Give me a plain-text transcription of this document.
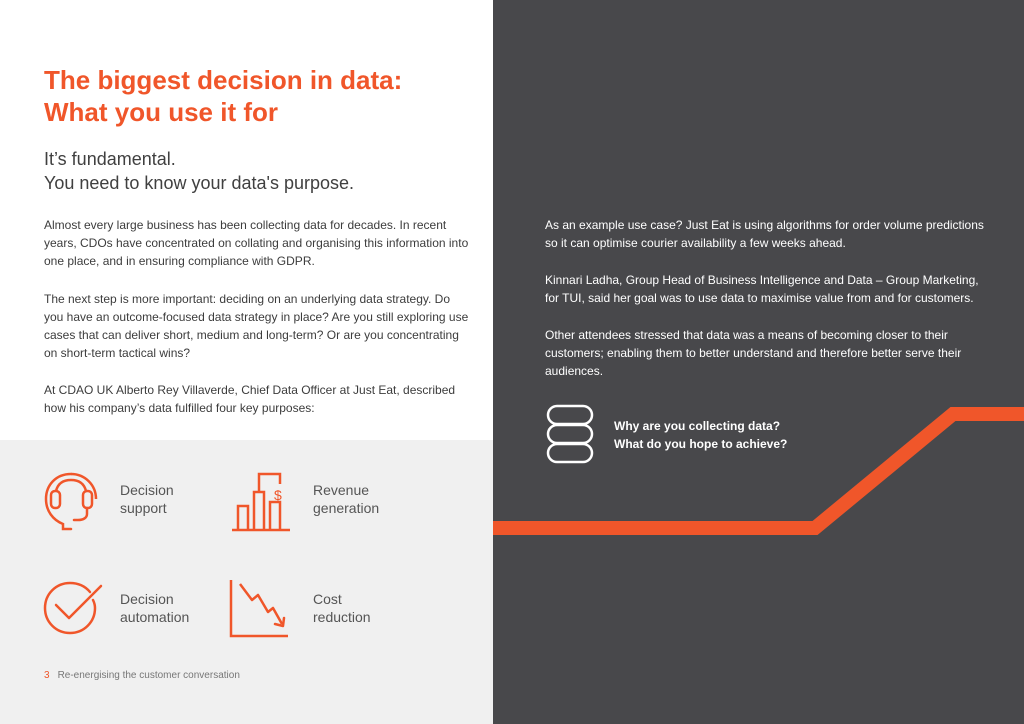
The biggest decision in data:
What you use it for
It’s fundamental.
You need to know your data's purpose.

Almost every large business has been collecting data for decades. In recent years, CDOs have concentrated on collating and organising this information into one place, and in ensuring compliance with GDPR.

The next step is more important: deciding on an underlying data strategy. Do you have an outcome-focused data strategy in place? Are you still exploring use cases that can deliver short, medium and long-term? Or are you concentrating on short-term tactical wins?

At CDAO UK Alberto Rey Villaverde, Chief Data Officer at Just Eat, described how his company’s data fulfilled four key purposes:

Decision
support
$ Revenue
generation
Decision
automation
Cost
reduction
3 Re-energising the customer conversation

As an example use case? Just Eat is using algorithms for order volume predictions so it can optimise courier availability a few weeks ahead.

Kinnari Ladha, Group Head of Business Intelligence and Data – Group Marketing, for TUI, said her goal was to use data to maximise value from and for customers.

Other attendees stressed that data was a means of becoming closer to their customers; enabling them to better understand and therefore better serve their audiences.

Why are you collecting data?
What do you hope to achieve?
